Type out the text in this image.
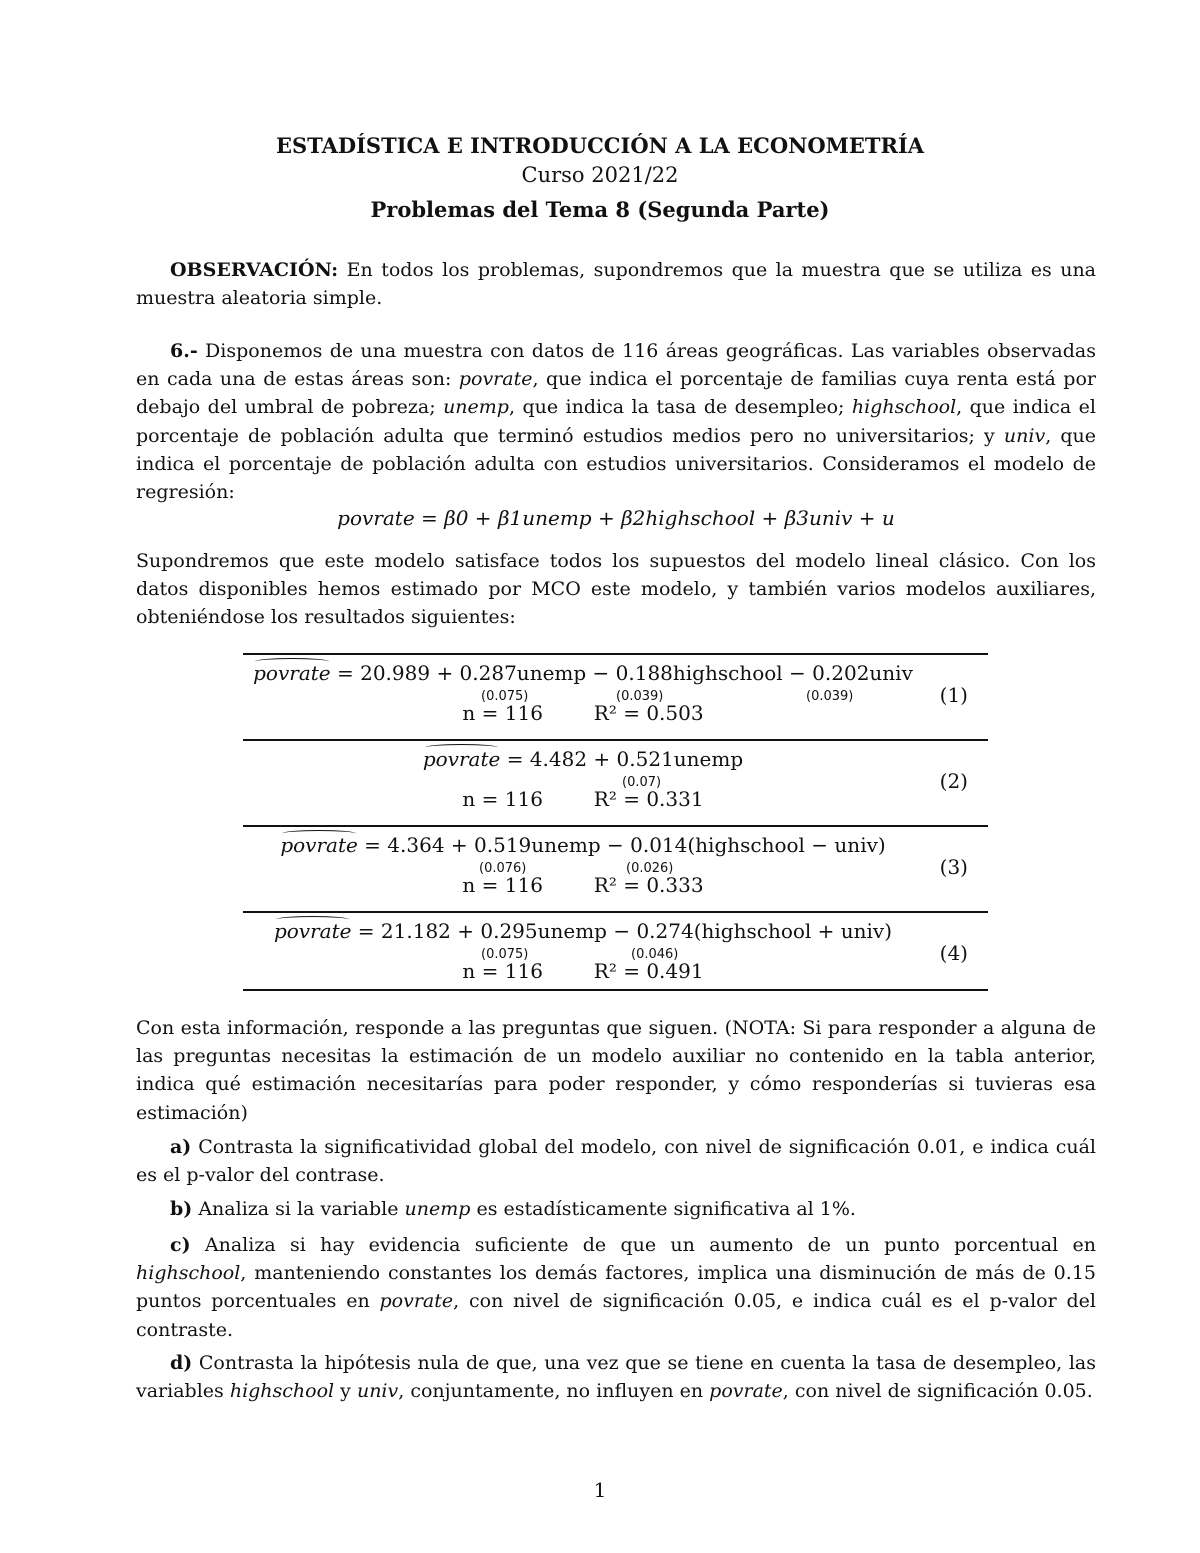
ESTADÍSTICA E INTRODUCCIÓN A LA ECONOMETRÍA
Curso 2021/22
Problemas del Tema 8 (Segunda Parte)

OBSERVACIÓN: En todos los problemas, supondremos que la muestra que se utiliza es una muestra aleatoria simple.

6.- Disponemos de una muestra con datos de 116 áreas geográficas. Las variables observadas en cada una de estas áreas son: povrate, que indica el porcentaje de familias cuya renta está por debajo del umbral de pobreza; unemp, que indica la tasa de desempleo; highschool, que indica el porcentaje de población adulta que terminó estudios medios pero no universitarios; y univ, que indica el porcentaje de población adulta con estudios universitarios. Consideramos el modelo de regresión:

povrate = β0 + β1unemp + β2highschool + β3univ + u

Supondremos que este modelo satisface todos los supuestos del modelo lineal clásico. Con los datos disponibles hemos estimado por MCO este modelo, y también varios modelos auxiliares, obteniéndose los resultados siguientes:

povrate = 20.989 + 0.287unemp − 0.188highschool − 0.202univ
(0.075)	(0.039)	(0.039)
n = 116	R² = 0.503
(1)
povrate = 4.482 + 0.521unemp
(0.07)
n = 116	R² = 0.331
(2)
povrate = 4.364 + 0.519unemp − 0.014(highschool − univ)
(0.076)	(0.026)
n = 116	R² = 0.333
(3)
povrate = 21.182 + 0.295unemp − 0.274(highschool + univ)
(0.075)	(0.046)
n = 116	R² = 0.491
(4)

Con esta información, responde a las preguntas que siguen. (NOTA: Si para responder a alguna de las preguntas necesitas la estimación de un modelo auxiliar no contenido en la tabla anterior, indica qué estimación necesitarías para poder responder, y cómo responderías si tuvieras esa estimación)

a) Contrasta la significatividad global del modelo, con nivel de significación 0.01, e indica cuál es el p-valor del contrase.

b) Analiza si la variable unemp es estadísticamente significativa al 1%.

c) Analiza si hay evidencia suficiente de que un aumento de un punto porcentual en highschool, manteniendo constantes los demás factores, implica una disminución de más de 0.15 puntos porcentuales en povrate, con nivel de significación 0.05, e indica cuál es el p-valor del contraste.

d) Contrasta la hipótesis nula de que, una vez que se tiene en cuenta la tasa de desempleo, las variables highschool y univ, conjuntamente, no influyen en povrate, con nivel de significación 0.05.

1
